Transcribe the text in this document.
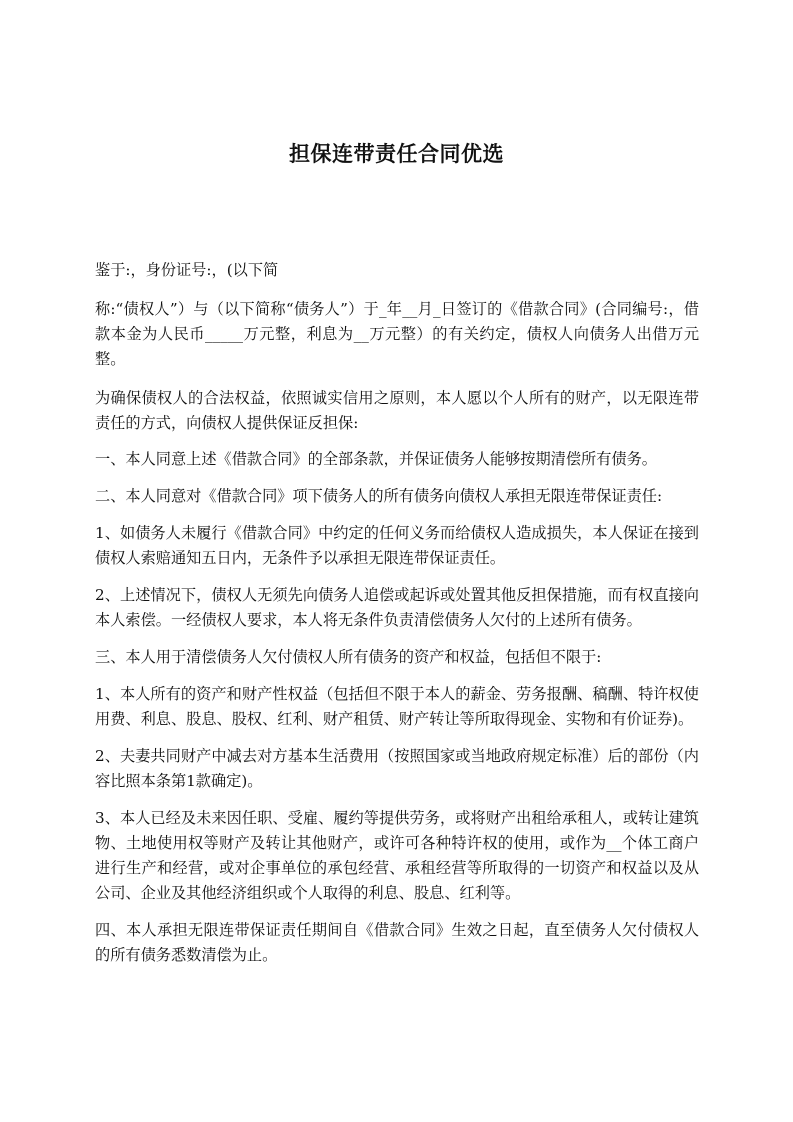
担保连带责任合同优选

鉴于:，身份证号:，(以下简

称:“债权人”）与（以下简称“债务人”）于_年__月_日签订的《借款合同》(合同编号:，借款本金为人民币_____万元整，利息为__万元整）的有关约定，债权人向债务人出借万元整。

为确保债权人的合法权益，依照诚实信用之原则，本人愿以个人所有的财产，以无限连带责任的方式，向债权人提供保证反担保:

一、本人同意上述《借款合同》的全部条款，并保证债务人能够按期清偿所有债务。

二、本人同意对《借款合同》项下债务人的所有债务向债权人承担无限连带保证责任:

1、如债务人未履行《借款合同》中约定的任何义务而给债权人造成损失，本人保证在接到债权人索赔通知五日内，无条件予以承担无限连带保证责任。

2、上述情况下，债权人无须先向债务人追偿或起诉或处置其他反担保措施，而有权直接向本人索偿。一经债权人要求，本人将无条件负责清偿债务人欠付的上述所有债务。

三、本人用于清偿债务人欠付债权人所有债务的资产和权益，包括但不限于:

1、本人所有的资产和财产性权益（包括但不限于本人的薪金、劳务报酬、稿酬、特许权使用费、利息、股息、股权、红利、财产租赁、财产转让等所取得现金、实物和有价证券)。

2、夫妻共同财产中减去对方基本生活费用（按照国家或当地政府规定标准）后的部份（内容比照本条第1款确定)。

3、本人已经及未来因任职、受雇、履约等提供劳务，或将财产出租给承租人，或转让建筑物、土地使用权等财产及转让其他财产，或许可各种特许权的使用，或作为__个体工商户进行生产和经营，或对企事单位的承包经营、承租经营等所取得的一切资产和权益以及从公司、企业及其他经济组织或个人取得的利息、股息、红利等。

四、本人承担无限连带保证责任期间自《借款合同》生效之日起，直至债务人欠付债权人的所有债务悉数清偿为止。
